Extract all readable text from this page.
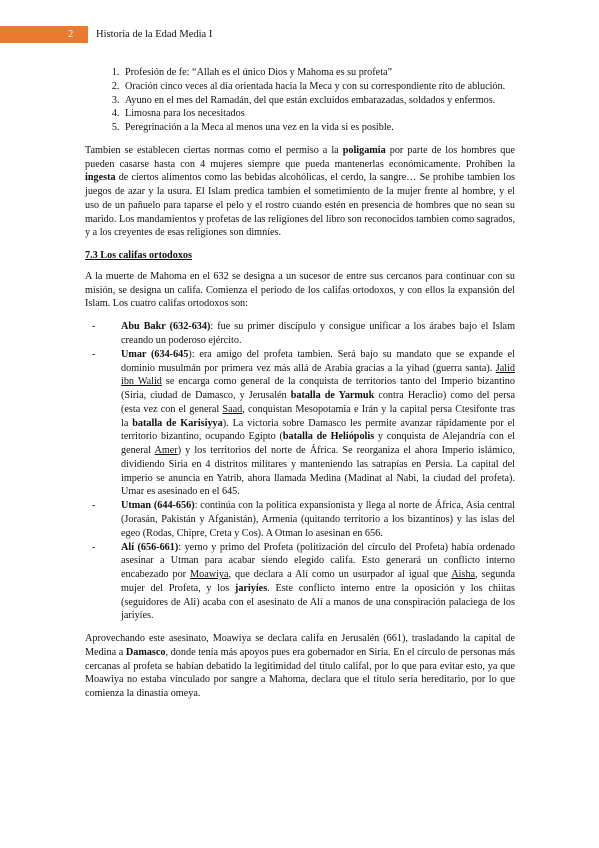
2 Historia de la Edad Media I
1. Profesión de fe: “Allah es el único Dios y Mahoma es su profeta”
2. Oración cinco veces al día orientada hacia la Meca y con su correspondiente rito de ablución.
3. Ayuno en el mes del Ramadán, del que están excluidos embarazadas, soldados y enfermos.
4. Limosna para los necesitados
5. Peregrinación a la Meca al menos una vez en la vida si es posible.

Tambien se establecen ciertas normas como el permiso a la poligamia por parte de los hombres que pueden casarse hasta con 4 mujeres siempre que pueda mantenerlas económicamente. Prohíben la ingesta de ciertos alimentos como las bebidas alcohólicas, el cerdo, la sangre… Se prohíbe tambien los juegos de azar y la usura. El Islam predica tambien el sometimiento de la mujer frente al hombre, y el uso de un pañuelo para taparse el pelo y el rostro cuando estén en presencia de hombres que no sean su marido. Los mandamientos y profetas de las religiones del libro son reconocidos tambien como sagrados, y a los creyentes de esas religiones son dimníes.

7.3 Los califas ortodoxos

A la muerte de Mahoma en el 632 se designa a un sucesor de entre sus cercanos para continuar con su misión, se designa un califa. Comienza el periodo de los califas ortodoxos, y con ellos la expansión del Islam. Los cuatro califas ortodoxos son:

-	Abu Bakr (632-634): fue su primer discípulo y consigue unificar a los árabes bajo el Islam creando un poderoso ejército.
-	Umar (634-645): era amigo del profeta tambien. Será bajo su mandato que se expande el dominio musulmán por primera vez más allá de Arabia gracias a la yihad (guerra santa). Jalid ibn Walid se encarga como general de la conquista de territorios tanto del Imperio bizantino (Siria, ciudad de Damasco, y Jerusalén batalla de Yarmuk contra Heraclio) como del persa (esta vez con el general Saad, conquistan Mesopotamia e Irán y la capital persa Ctesifonte tras la batalla de Karisiyya). La victoria sobre Damasco les permite avanzar rápidamente por el territorio bizantino, ocupando Egipto (batalla de Heliópolis y conquista de Alejandría con el general Amer) y los territorios del norte de África. Se reorganiza el ahora Imperio islámico, dividiendo Siria en 4 distritos militares y manteniendo las satrapías en Persia. La capital del imperio se anuncia en Yatrib, ahora llamada Medina (Madinat al Nabi, la ciudad del profeta). Umar es asesinado en el 645.
-	Utman (644-656): continúa con la política expansionista y llega al norte de África, Asia central (Jorasán, Pakistán y Afganistán), Armenia (quitando territorio a los bizantinos) y las islas del egeo (Rodas, Chipre, Creta y Cos). A Otman lo asesinan en 656.
-	Alí (656-661): yerno y primo del Profeta (politización del círculo del Profeta) había ordenado asesinar a Utman para acabar siendo elegido califa. Esto generará un conflicto interno encabezado por Moawiya, que declara a Alí como un usurpador al igual que Aisha, segunda mujer del Profeta, y los jariyíes. Este conflicto interno entre la oposición y los chiitas (seguidores de Ali) acaba con el asesinato de Alí a manos de una conspiración palaciega de los jariyíes.

Aprovechando este asesinato, Moawiya se declara califa en Jerusalén (661), trasladando la capital de Medina a Damasco, donde tenía más apoyos pues era gobernador en Siria. En el círculo de personas más cercanas al profeta se habían debatido la legitimidad del título califal, por lo que para evitar esto, ya que Moawiya no estaba vinculado por sangre a Mahoma, declara que el título sería hereditario, por lo que comienza la dinastía omeya.
